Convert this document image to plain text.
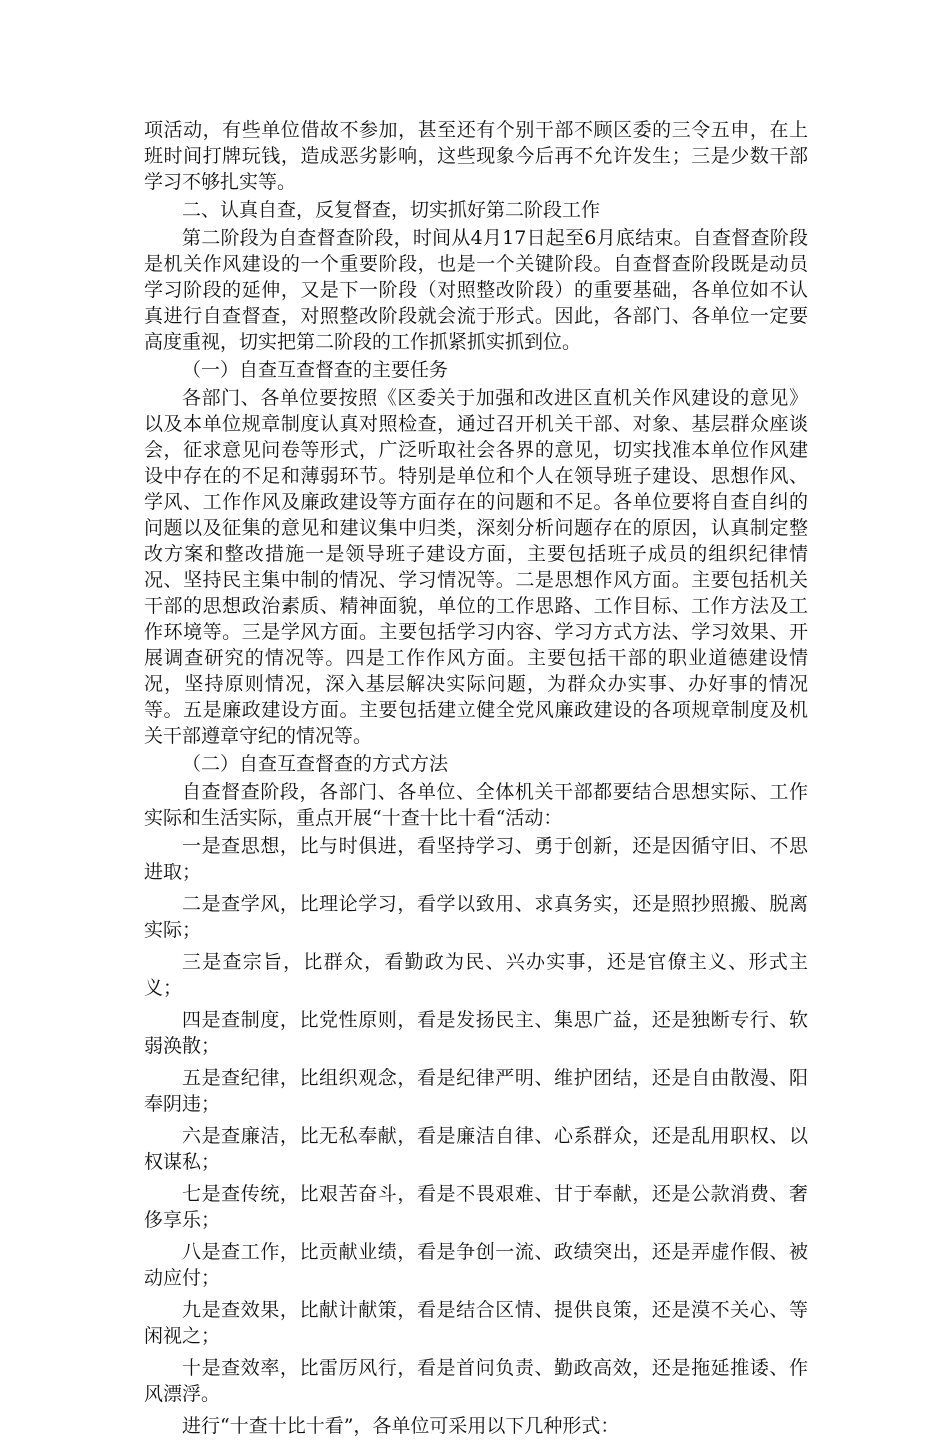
项活动，有些单位借故不参加，甚至还有个别干部不顾区委的三令五申，在上班时间打牌玩钱，造成恶劣影响，这些现象今后再不允许发生；三是少数干部学习不够扎实等。

二、认真自查，反复督查，切实抓好第二阶段工作

第二阶段为自查督查阶段，时间从4月17日起至6月底结束。自查督查阶段是机关作风建设的一个重要阶段，也是一个关键阶段。自查督查阶段既是动员学习阶段的延伸，又是下一阶段（对照整改阶段）的重要基础，各单位如不认真进行自查督查，对照整改阶段就会流于形式。因此，各部门、各单位一定要高度重视，切实把第二阶段的工作抓紧抓实抓到位。

（一）自查互查督查的主要任务

各部门、各单位要按照《区委关于加强和改进区直机关作风建设的意见》以及本单位规章制度认真对照检查，通过召开机关干部、对象、基层群众座谈会，征求意见问卷等形式，广泛听取社会各界的意见，切实找准本单位作风建设中存在的不足和薄弱环节。特别是单位和个人在领导班子建设、思想作风、学风、工作作风及廉政建设等方面存在的问题和不足。各单位要将自查自纠的问题以及征集的意见和建议集中归类，深刻分析问题存在的原因，认真制定整改方案和整改措施一是领导班子建设方面，主要包括班子成员的组织纪律情况、坚持民主集中制的情况、学习情况等。二是思想作风方面。主要包括机关干部的思想政治素质、精神面貌，单位的工作思路、工作目标、工作方法及工作环境等。三是学风方面。主要包括学习内容、学习方式方法、学习效果、开展调查研究的情况等。四是工作作风方面。主要包括干部的职业道德建设情况，坚持原则情况，深入基层解决实际问题，为群众办实事、办好事的情况等。五是廉政建设方面。主要包括建立健全党风廉政建设的各项规章制度及机关干部遵章守纪的情况等。

（二）自查互查督查的方式方法

自查督查阶段，各部门、各单位、全体机关干部都要结合思想实际、工作实际和生活实际，重点开展“十查十比十看“活动：

一是查思想，比与时俱进，看坚持学习、勇于创新，还是因循守旧、不思进取；

二是查学风，比理论学习，看学以致用、求真务实，还是照抄照搬、脱离实际；

三是查宗旨，比群众，看勤政为民、兴办实事，还是官僚主义、形式主义；

四是查制度，比党性原则，看是发扬民主、集思广益，还是独断专行、软弱涣散；

五是查纪律，比组织观念，看是纪律严明、维护团结，还是自由散漫、阳奉阴违；

六是查廉洁，比无私奉献，看是廉洁自律、心系群众，还是乱用职权、以权谋私；

七是查传统，比艰苦奋斗，看是不畏艰难、甘于奉献，还是公款消费、奢侈享乐；

八是查工作，比贡献业绩，看是争创一流、政绩突出，还是弄虚作假、被动应付；

九是查效果，比献计献策，看是结合区情、提供良策，还是漠不关心、等闲视之；

十是查效率，比雷厉风行，看是首问负责、勤政高效，还是拖延推诿、作风漂浮。

进行“十查十比十看”，各单位可采用以下几种形式：
